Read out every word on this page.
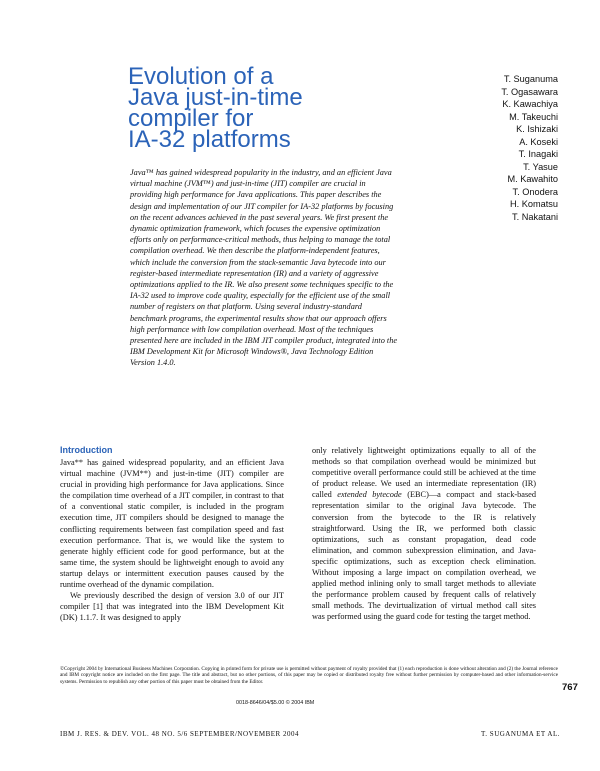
Evolution of a
Java just-in-time
compiler for
IA-32 platforms
T. Suganuma
T. Ogasawara
K. Kawachiya
M. Takeuchi
K. Ishizaki
A. Koseki
T. Inagaki
T. Yasue
M. Kawahito
T. Onodera
H. Komatsu
T. Nakatani

Java™ has gained widespread popularity in the industry, and an efficient Java virtual machine (JVM™) and just-in-time (JIT) compiler are crucial in providing high performance for Java applications. This paper describes the design and implementation of our JIT compiler for IA-32 platforms by focusing on the recent advances achieved in the past several years. We first present the dynamic optimization framework, which focuses the expensive optimization efforts only on performance-critical methods, thus helping to manage the total compilation overhead. We then describe the platform-independent features, which include the conversion from the stack-semantic Java bytecode into our register-based intermediate representation (IR) and a variety of aggressive optimizations applied to the IR. We also present some techniques specific to the IA-32 used to improve code quality, especially for the efficient use of the small number of registers on that platform. Using several industry-standard benchmark programs, the experimental results show that our approach offers high performance with low compilation overhead. Most of the techniques presented here are included in the IBM JIT compiler product, integrated into the IBM Development Kit for Microsoft Windows®, Java Technology Edition Version 1.4.0.

Introduction

Java** has gained widespread popularity, and an efficient Java virtual machine (JVM**) and just-in-time (JIT) compiler are crucial in providing high performance for Java applications. Since the compilation time overhead of a JIT compiler, in contrast to that of a conventional static compiler, is included in the program execution time, JIT compilers should be designed to manage the conflicting requirements between fast compilation speed and fast execution performance. That is, we would like the system to generate highly efficient code for good performance, but at the same time, the system should be lightweight enough to avoid any startup delays or intermittent execution pauses caused by the runtime overhead of the dynamic compilation.

We previously described the design of version 3.0 of our JIT compiler [1] that was integrated into the IBM Development Kit (DK) 1.1.7. It was designed to apply

only relatively lightweight optimizations equally to all of the methods so that compilation overhead would be minimized but competitive overall performance could still be achieved at the time of product release. We used an intermediate representation (IR) called extended bytecode (EBC)—a compact and stack-based representation similar to the original Java bytecode. The conversion from the bytecode to the IR is relatively straightforward. Using the IR, we performed both classic optimizations, such as constant propagation, dead code elimination, and common subexpression elimination, and Java-specific optimizations, such as exception check elimination. Without imposing a large impact on compilation overhead, we applied method inlining only to small target methods to alleviate the performance problem caused by frequent calls of relatively small methods. The devirtualization of virtual method call sites was performed using the guard code for testing the target method.

©Copyright 2004 by International Business Machines Corporation. Copying in printed form for private use is permitted without payment of royalty provided that (1) each reproduction is done without alteration and (2) the Journal reference and IBM copyright notice are included on the first page. The title and abstract, but no other portions, of this paper may be copied or distributed royalty free without further permission by computer-based and other information-service systems. Permission to republish any other portion of this paper must be obtained from the Editor.

0018-8646/04/$5.00 © 2004 IBM
767
IBM J. RES. & DEV. VOL. 48 NO. 5/6 SEPTEMBER/NOVEMBER 2004	T. SUGANUMA ET AL.
